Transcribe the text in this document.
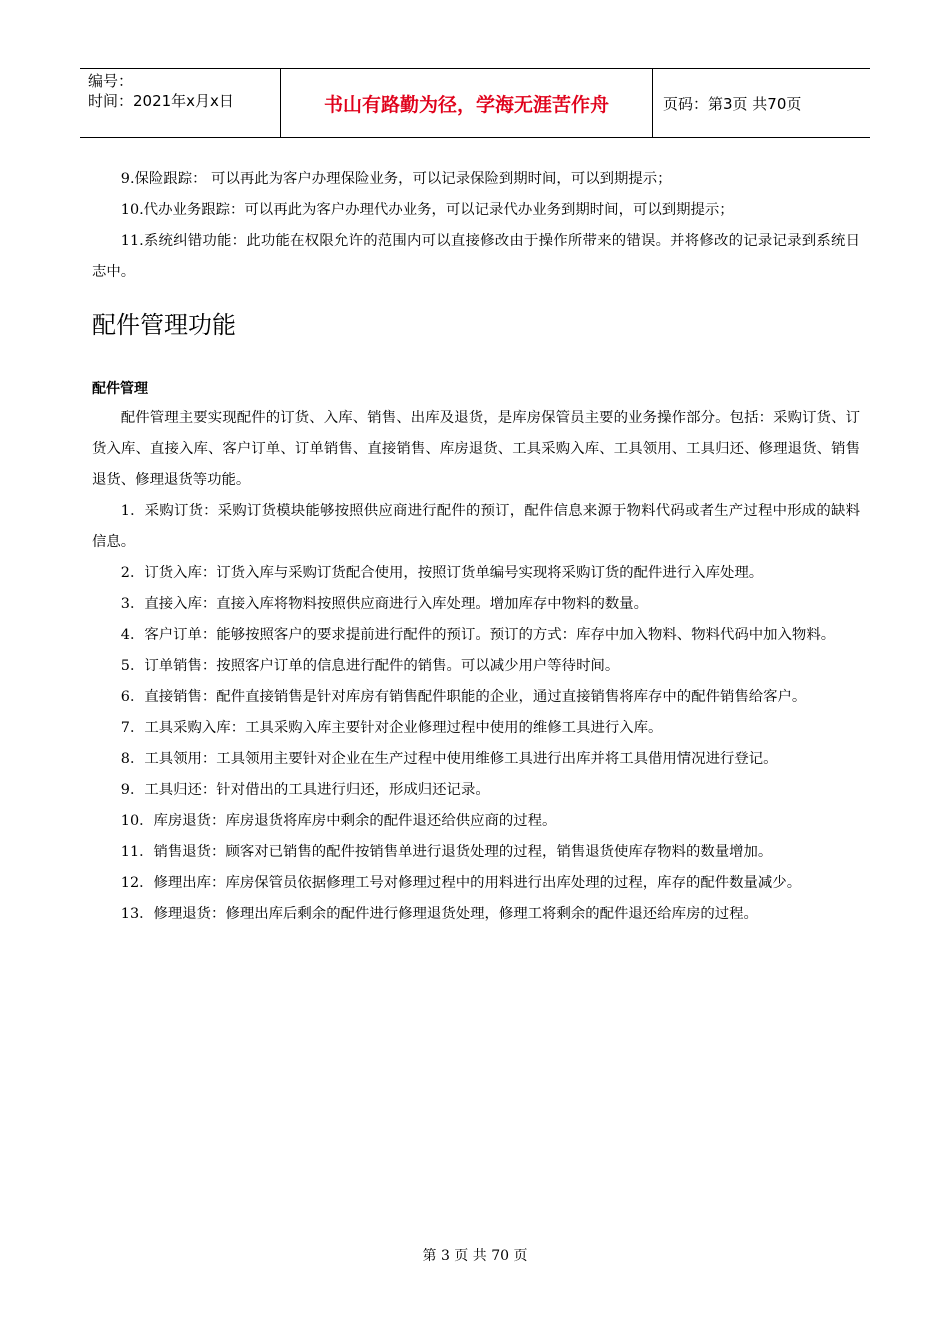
编号：
时间：2021年x月x日	书山有路勤为径，学海无涯苦作舟	页码：第3页 共70页

9.保险跟踪： 可以再此为客户办理保险业务，可以记录保险到期时间，可以到期提示；

10.代办业务跟踪：可以再此为客户办理代办业务，可以记录代办业务到期时间，可以到期提示；

11.系统纠错功能：此功能在权限允许的范围内可以直接修改由于操作所带来的错误。并将修改的记录记录到系统日志中。

配件管理功能
配件管理

配件管理主要实现配件的订货、入库、销售、出库及退货，是库房保管员主要的业务操作部分。包括：采购订货、订货入库、直接入库、客户订单、订单销售、直接销售、库房退货、工具采购入库、工具领用、工具归还、修理退货、销售退货、修理退货等功能。

1．采购订货：采购订货模块能够按照供应商进行配件的预订，配件信息来源于物料代码或者生产过程中形成的缺料信息。

2．订货入库：订货入库与采购订货配合使用，按照订货单编号实现将采购订货的配件进行入库处理。

3．直接入库：直接入库将物料按照供应商进行入库处理。增加库存中物料的数量。

4．客户订单：能够按照客户的要求提前进行配件的预订。预订的方式：库存中加入物料、物料代码中加入物料。

5．订单销售：按照客户订单的信息进行配件的销售。可以减少用户等待时间。

6．直接销售：配件直接销售是针对库房有销售配件职能的企业，通过直接销售将库存中的配件销售给客户。

7．工具采购入库：工具采购入库主要针对企业修理过程中使用的维修工具进行入库。

8．工具领用：工具领用主要针对企业在生产过程中使用维修工具进行出库并将工具借用情况进行登记。

9．工具归还：针对借出的工具进行归还，形成归还记录。

10．库房退货：库房退货将库房中剩余的配件退还给供应商的过程。

11．销售退货：顾客对已销售的配件按销售单进行退货处理的过程，销售退货使库存物料的数量增加。

12．修理出库：库房保管员依据修理工号对修理过程中的用料进行出库处理的过程，库存的配件数量减少。

13．修理退货：修理出库后剩余的配件进行修理退货处理，修理工将剩余的配件退还给库房的过程。

第 3 页 共 70 页
